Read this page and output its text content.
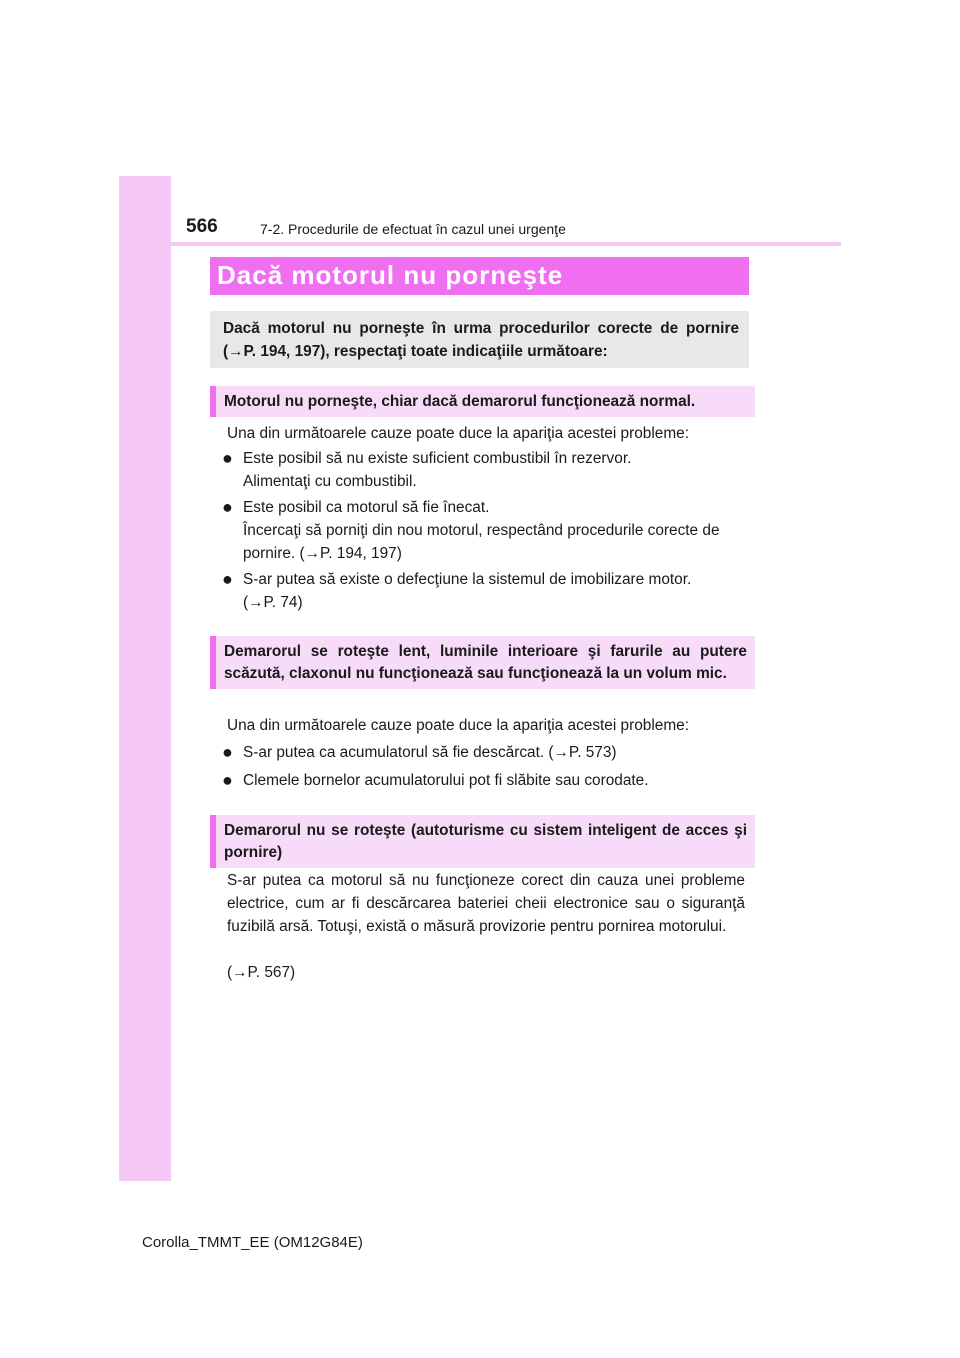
566	7-2. Procedurile de efectuat în cazul unei urgenţe
Dacă motorul nu porneşte
Dacă motorul nu porneşte în urma procedurilor corecte de pornire (→P. 194, 197), respectaţi toate indicaţiile următoare:
Motorul nu porneşte, chiar dacă demarorul funcţionează normal.
Una din următoarele cauze poate duce la apariţia acestei probleme:
● Este posibil să nu existe suficient combustibil în rezervor.
Alimentaţi cu combustibil.
● Este posibil ca motorul să fie înecat.
Încercaţi să porniţi din nou motorul, respectând procedurile corecte de pornire. (→P. 194, 197)
● S-ar putea să existe o defecţiune la sistemul de imobilizare motor.
(→P. 74)
Demarorul se roteşte lent, luminile interioare şi farurile au putere scăzută, claxonul nu funcţionează sau funcţionează la un volum mic.
Una din următoarele cauze poate duce la apariţia acestei probleme:
● S-ar putea ca acumulatorul să fie descărcat. (→P. 573)
● Clemele bornelor acumulatorului pot fi slăbite sau corodate.
Demarorul nu se roteşte (autoturisme cu sistem inteligent de acces şi pornire)
S-ar putea ca motorul să nu funcţioneze corect din cauza unei probleme electrice, cum ar fi descărcarea bateriei cheii electronice sau o siguranţă fuzibilă arsă. Totuşi, există o măsură provizorie pentru pornirea motorului.
(→P. 567)
Corolla_TMMT_EE (OM12G84E)
